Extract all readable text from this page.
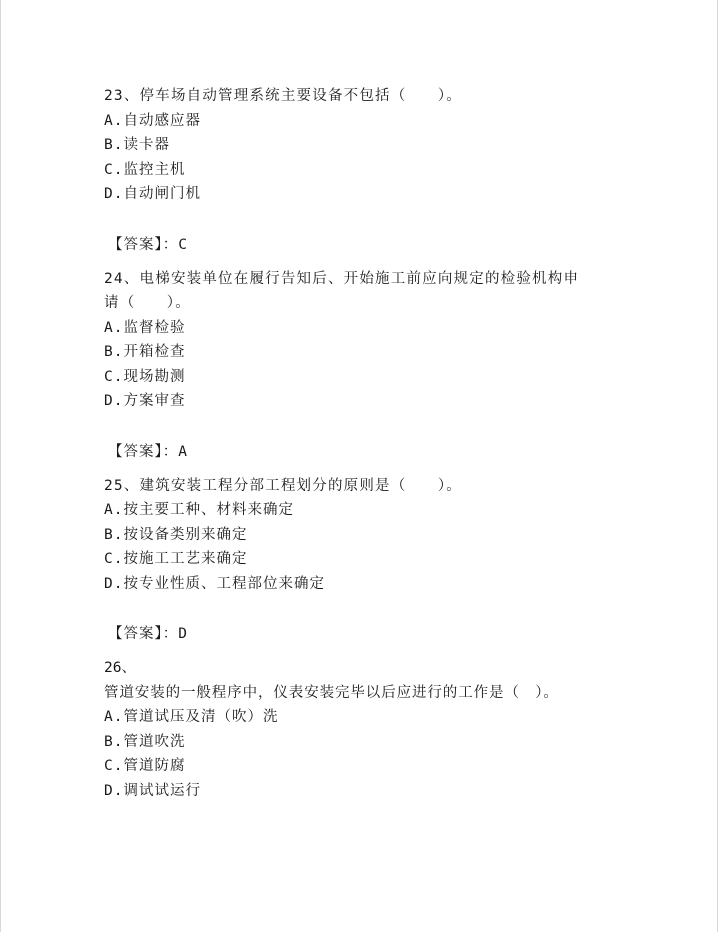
23、停车场自动管理系统主要设备不包括（　　）。
A.自动感应器
B.读卡器
C.监控主机
D.自动闸门机
【答案】：C
24、电梯安装单位在履行告知后、开始施工前应向规定的检验机构申
请（　　）。
A.监督检验
B.开箱检查
C.现场勘测
D.方案审查
【答案】：A
25、建筑安装工程分部工程划分的原则是（　　）。
A.按主要工种、材料来确定
B.按设备类别来确定
C.按施工工艺来确定
D.按专业性质、工程部位来确定
【答案】：D
26、
管道安装的一般程序中，仪表安装完毕以后应进行的工作是（　）。
A.管道试压及清（吹）洗
B.管道吹洗
C.管道防腐
D.调试试运行
